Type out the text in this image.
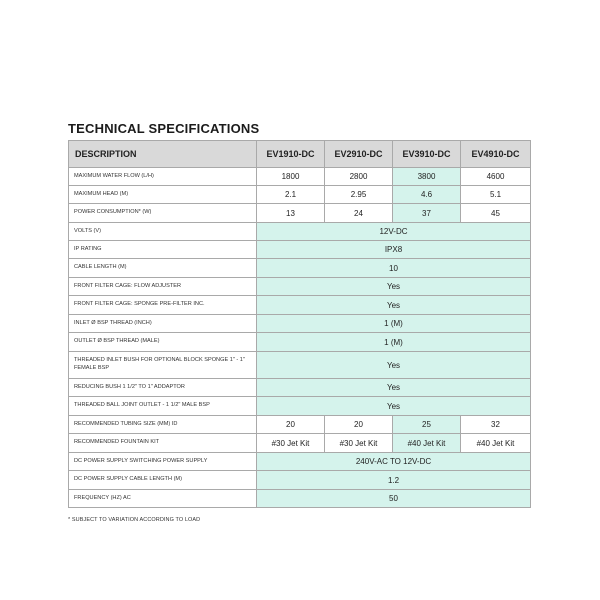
TECHNICAL SPECIFICATIONS
DESCRIPTION	EV1910-DC	EV2910-DC	EV3910-DC	EV4910-DC
MAXIMUM WATER FLOW (L/H)	1800	2800	3800	4600
MAXIMUM HEAD (M)	2.1	2.95	4.6	5.1
POWER CONSUMPTION* (W)	13	24	37	45
VOLTS (V)	12V-DC			
IP RATING	IPX8			
CABLE LENGTH (M)	10			
FRONT FILTER CAGE: FLOW ADJUSTER	Yes			
FRONT FILTER CAGE: SPONGE PRE-FILTER INC.	Yes			
INLET Ø BSP THREAD (INCH)	1 (M)			
OUTLET Ø BSP THREAD (MALE)	1 (M)			
THREADED INLET BUSH FOR OPTIONAL BLOCK SPONGE 1" - 1" FEMALE BSP	Yes			
REDUCING BUSH 1 1/2" TO 1" ADDAPTOR	Yes			
THREADED BALL JOINT OUTLET - 1 1/2" MALE BSP	Yes			
RECOMMENDED TUBING SIZE (MM) ID	20	20	25	32
RECOMMENDED FOUNTAIN KIT	#30 Jet Kit	#30 Jet Kit	#40 Jet Kit	#40 Jet Kit
DC POWER SUPPLY SWITCHING POWER SUPPLY	240V-AC TO 12V-DC			
DC POWER SUPPLY CABLE LENGTH (M)	1.2			
FREQUENCY (HZ) AC	50			
* SUBJECT TO VARIATION ACCORDING TO LOAD
